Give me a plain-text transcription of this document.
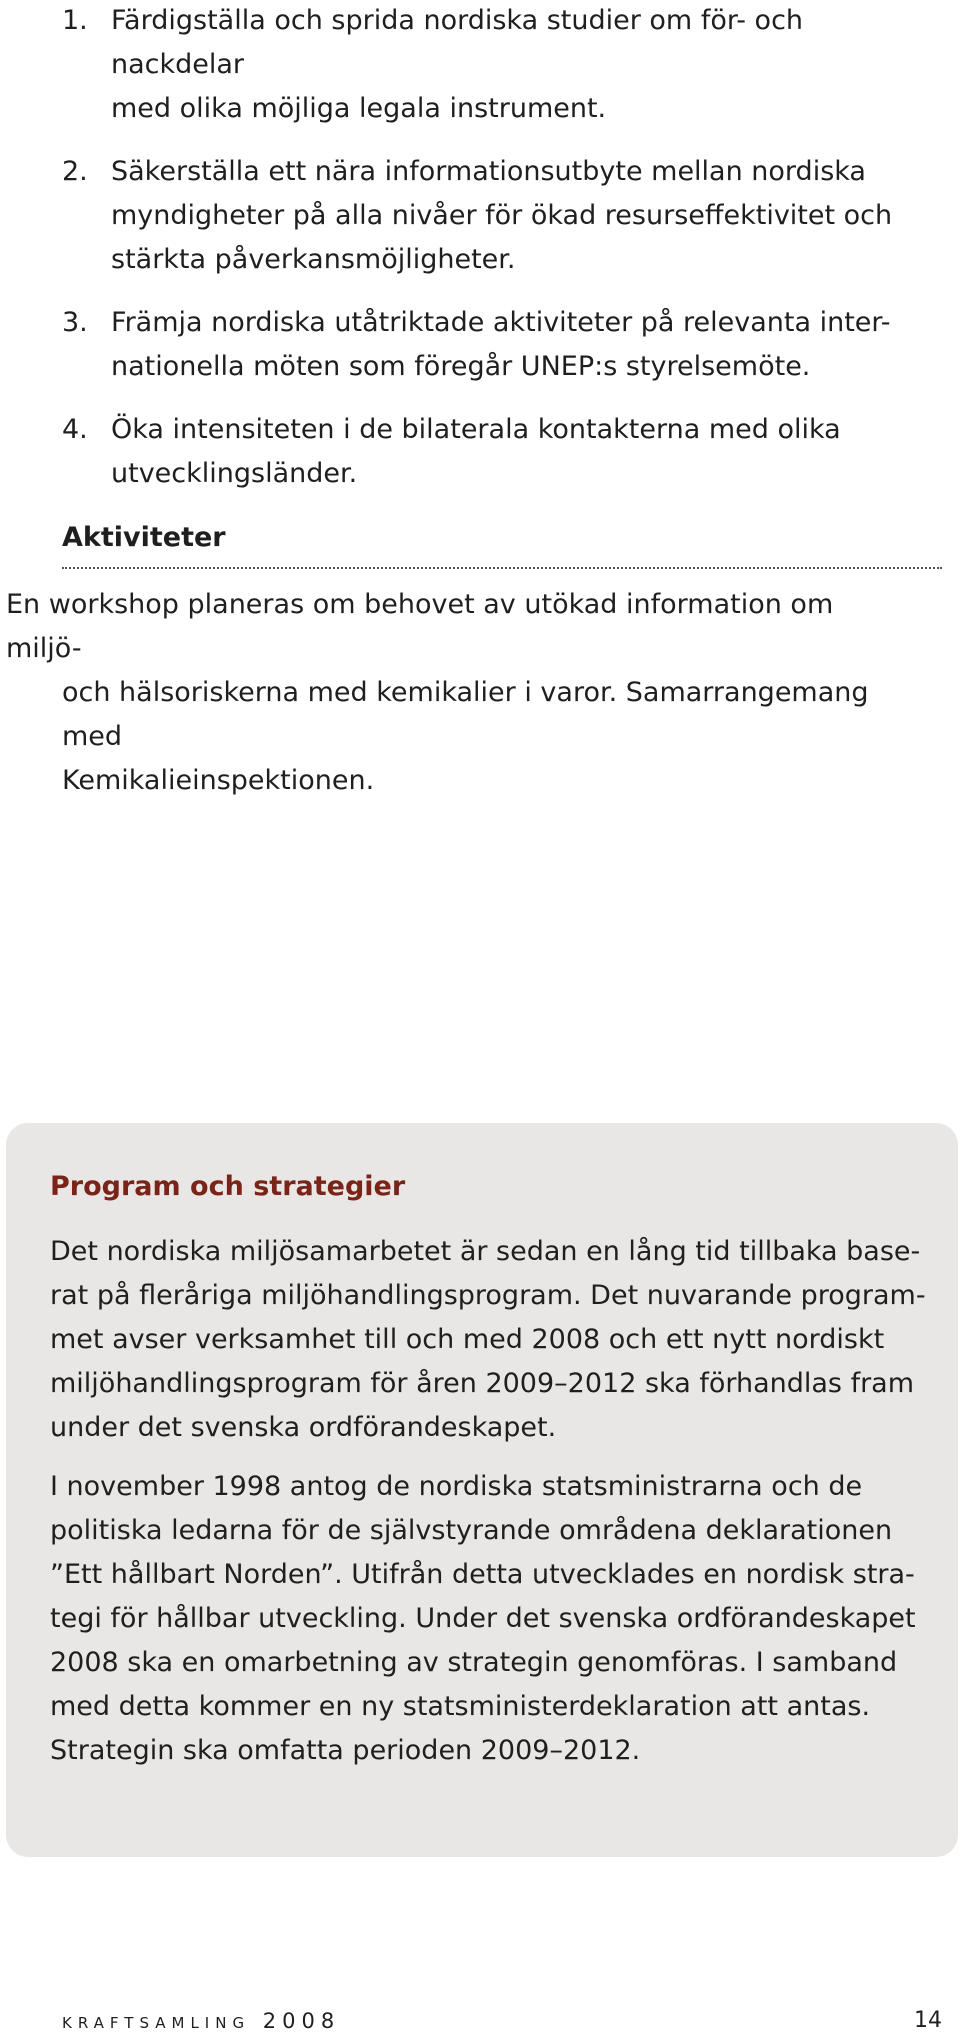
1. Färdigställa och sprida nordiska studier om för- och nackdelar
med olika möjliga legala instrument.
2. Säkerställa ett nära informationsutbyte mellan nordiska
myndigheter på alla nivåer för ökad resurseffektivitet och
stärkta påverkansmöjligheter.
3. Främja nordiska utåtriktade aktiviteter på relevanta inter-
nationella möten som föregår UNEP:s styrelsemöte.
4. Öka intensiteten i de bilaterala kontakterna med olika
utvecklingsländer.
Aktiviteter
En workshop planeras om behovet av utökad information om miljö-
och hälsoriskerna med kemikalier i varor. Samarrangemang med
Kemikalieinspektionen.
Program och strategier

Det nordiska miljösamarbetet är sedan en lång tid tillbaka base-
rat på fleråriga miljöhandlingsprogram. Det nuvarande program-
met avser verksamhet till och med 2008 och ett nytt nordiskt
miljöhandlingsprogram för åren 2009–2012 ska förhandlas fram
under det svenska ordförandeskapet.

I november 1998 antog de nordiska statsministrarna och de
politiska ledarna för de självstyrande områdena deklarationen
”Ett hållbart Norden”. Utifrån detta utvecklades en nordisk stra-
tegi för hållbar utveckling. Under det svenska ordförandeskapet
2008 ska en omarbetning av strategin genomföras. I samband
med detta kommer en ny statsministerdeklaration att antas.
Strategin ska omfatta perioden 2009–2012.

kraftsamling 2008	14
